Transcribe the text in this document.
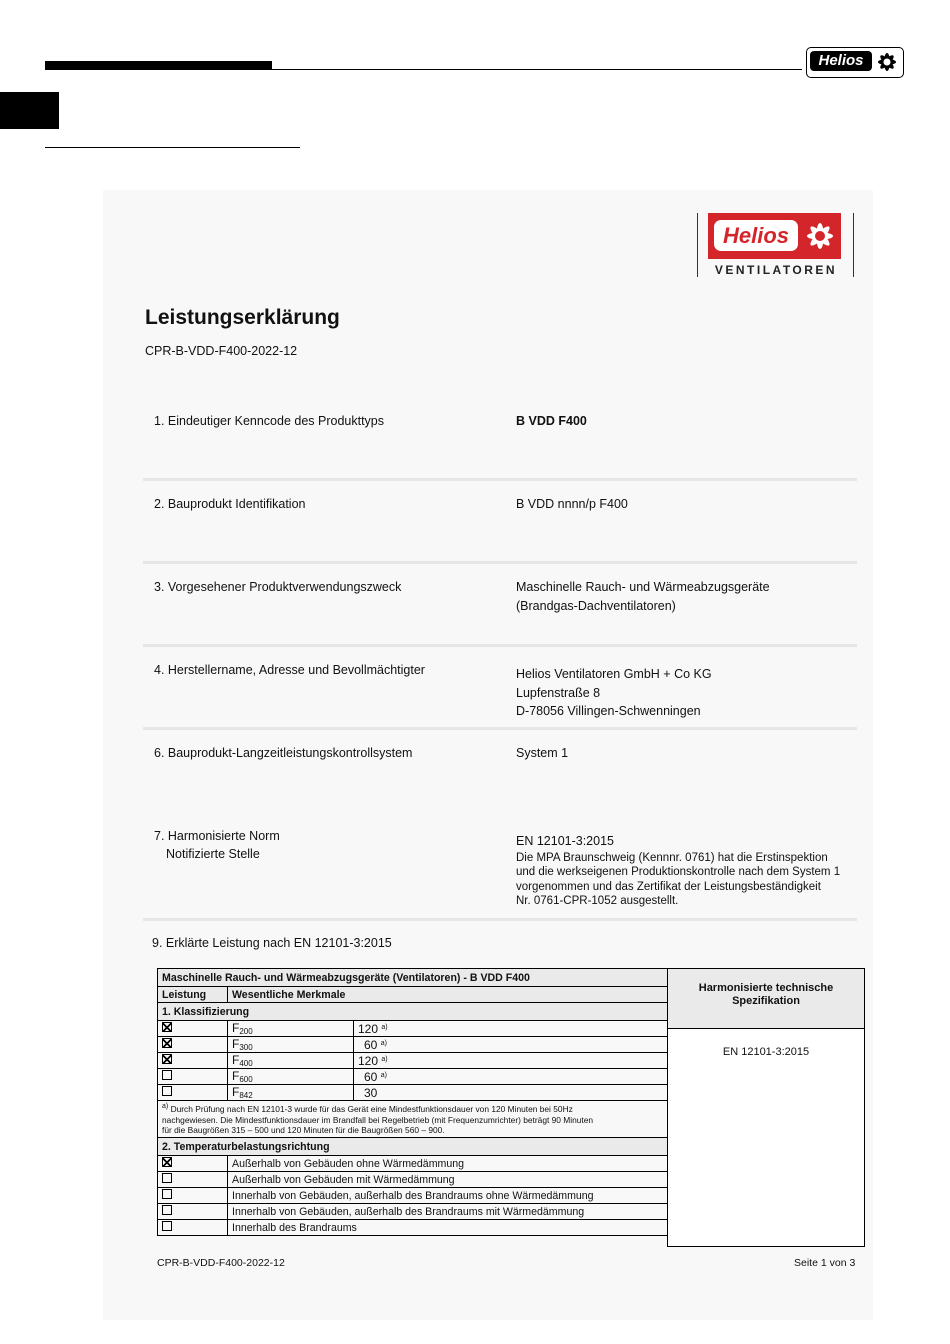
Helios
Helios
VENTILATOREN
Leistungserklärung
CPR-B-VDD-F400-2022-12
1. Eindeutiger Kenncode des Produkttyps	B VDD F400
2. Bauprodukt Identifikation	B VDD nnnn/p F400
3. Vorgesehener Produktverwendungszweck	Maschinelle Rauch- und Wärmeabzugsgeräte
(Brandgas-Dachventilatoren)
4. Herstellername, Adresse und Bevollmächtigter	Helios Ventilatoren GmbH + Co KG
Lupfenstraße 8
D-78056 Villingen-Schwenningen
6. Bauprodukt-Langzeitleistungskontrollsystem	System 1
7. Harmonisierte Norm
Notifizierte Stelle
EN 12101-3:2015
Die MPA Braunschweig (Kennnr. 0761) hat die Erstinspektion
und die werkseigenen Produktionskontrolle nach dem System 1
vorgenommen und das Zertifikat der Leistungsbeständigkeit
Nr. 0761-CPR-1052 ausgestellt.
9. Erklärte Leistung nach EN 12101-3:2015
Maschinelle Rauch- und Wärmeabzugsgeräte (Ventilatoren) - B VDD F400		
Leistung	Wesentliche Merkmale	
1. Klassifizierung		
	$F_{200}$	120 $^{a)}$
	$F_{300}$	60 $^{a)}$
	$F_{400}$	120 $^{a)}$
	$F_{600}$	60 $^{a)}$
	$F_{842}$	30
$^{a)}$ Durch Prüfung nach EN 12101-3 wurde für das Gerät eine Mindestfunktionsdauer von 120 Minuten bei 50Hz
nachgewiesen. Die Mindestfunktionsdauer im Brandfall bei Regelbetrieb (mit Frequenzumrichter) beträgt 90 Minuten
für die Baugrößen 315 – 500 und 120 Minuten für die Baugrößen 560 – 900.		
2. Temperaturbelastungsrichtung		
	Außerhalb von Gebäuden ohne Wärmedämmung	
	Außerhalb von Gebäuden mit Wärmedämmung	
	Innerhalb von Gebäuden, außerhalb des Brandraums ohne Wärmedämmung	
	Innerhalb von Gebäuden, außerhalb des Brandraums mit Wärmedämmung	
	Innerhalb des Brandraums	
Harmonisierte technische
Spezifikation
EN 12101-3:2015
CPR-B-VDD-F400-2022-12	Seite 1 von 3
